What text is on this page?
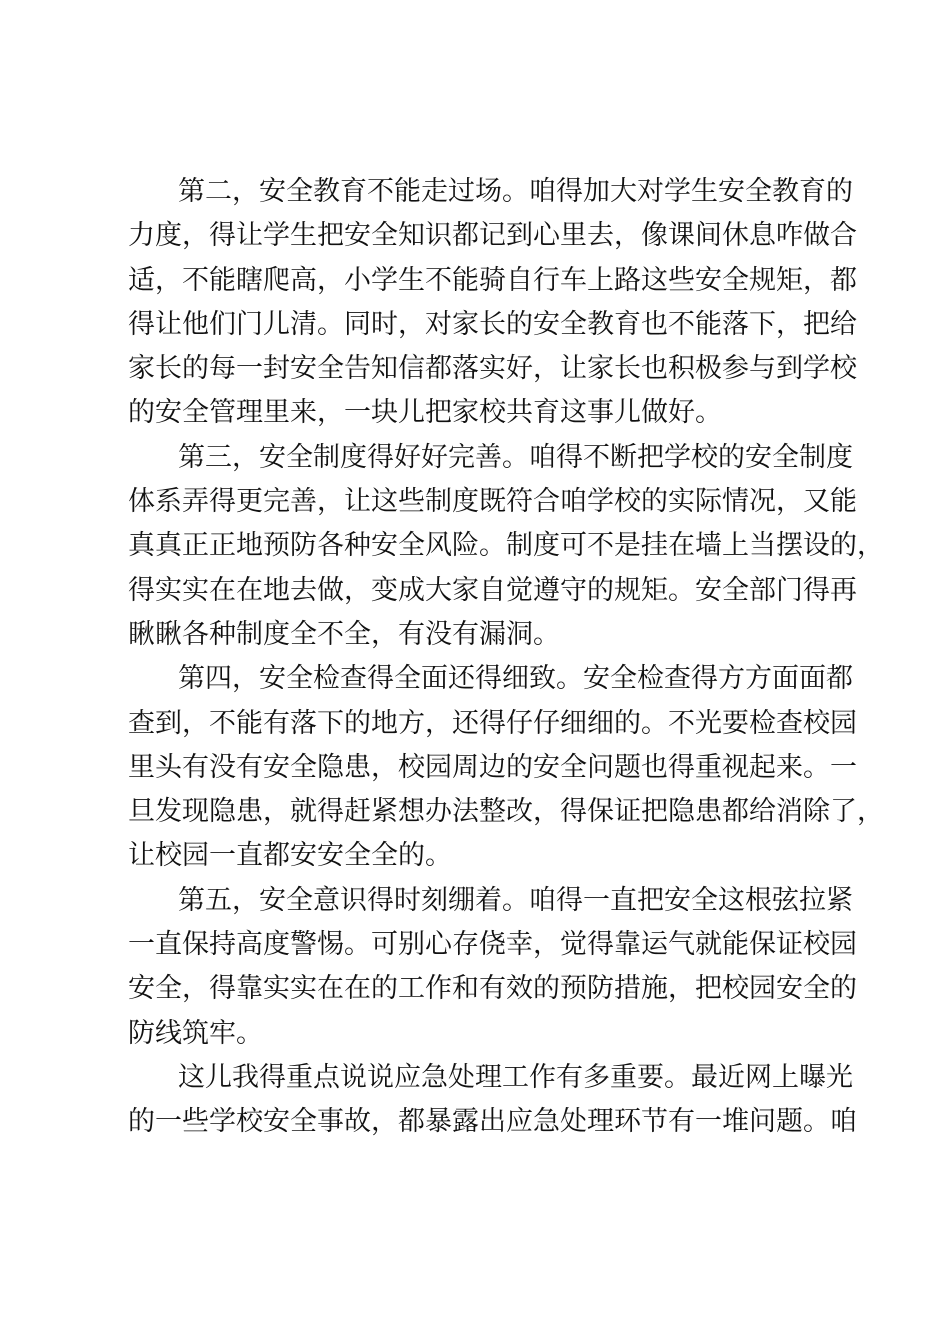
第二，安全教育不能走过场。咱得加大对学生安全教育的
力度，得让学生把安全知识都记到心里去，像课间休息咋做合
适，不能瞎爬高，小学生不能骑自行车上路这些安全规矩，都
得让他们门儿清。同时，对家长的安全教育也不能落下，把给
家长的每一封安全告知信都落实好，让家长也积极参与到学校
的安全管理里来，一块儿把家校共育这事儿做好。
第三，安全制度得好好完善。咱得不断把学校的安全制度
体系弄得更完善，让这些制度既符合咱学校的实际情况，又能
真真正正地预防各种安全风险。制度可不是挂在墙上当摆设的，
得实实在在地去做，变成大家自觉遵守的规矩。安全部门得再
瞅瞅各种制度全不全，有没有漏洞。
第四，安全检查得全面还得细致。安全检查得方方面面都
查到，不能有落下的地方，还得仔仔细细的。不光要检查校园
里头有没有安全隐患，校园周边的安全问题也得重视起来。一
旦发现隐患，就得赶紧想办法整改，得保证把隐患都给消除了，
让校园一直都安安全全的。
第五，安全意识得时刻绷着。咱得一直把安全这根弦拉紧
一直保持高度警惕。可别心存侥幸，觉得靠运气就能保证校园
安全，得靠实实在在的工作和有效的预防措施，把校园安全的
防线筑牢。
这儿我得重点说说应急处理工作有多重要。最近网上曝光
的一些学校安全事故，都暴露出应急处理环节有一堆问题。咱
